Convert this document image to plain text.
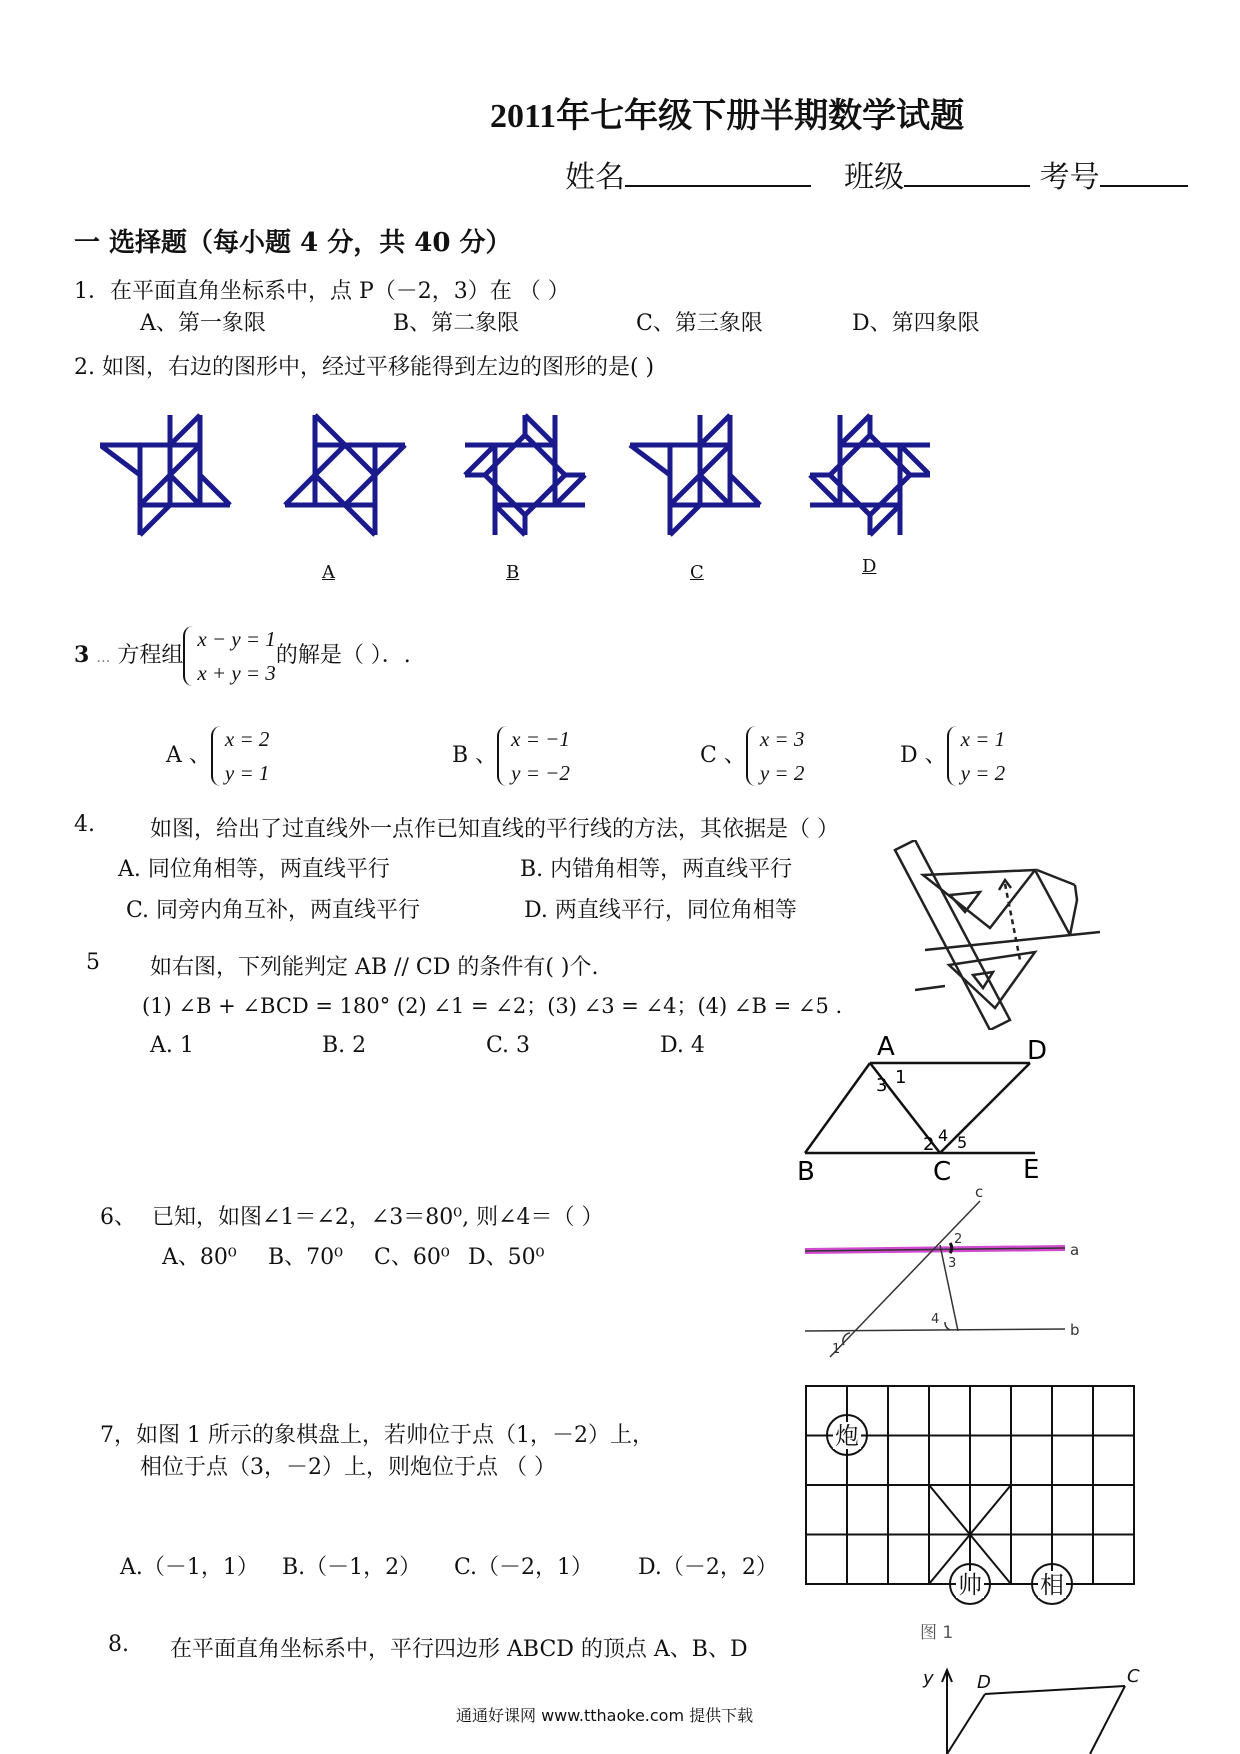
2011年七年级下册半期数学试题
姓名	班级	考号
一 选择题（每小题 4 分，共 40 分）
1．在平面直角坐标系中，点 P（－2，3）在 （ ）
A、第一象限	B、第二象限	C、第三象限	D、第四象限
2. 如图，右边的图形中，经过平移能得到左边的图形的是( )
A	B	C	D
3 … 方程组
x − y = 1
x + y = 3的解是（ ）．.
A 、
x = 2
y = 1
B 、
x = −1
y = −2
C 、
x = 3
y = 2
D 、
x = 1
y = 2
4.	如图，给出了过直线外一点作已知直线的平行线的方法，其依据是（ ）
A. 同位角相等，两直线平行	B. 内错角相等，两直线平行
C. 同旁内角互补，两直线平行	D. 两直线平行，同位角相等
5 如右图，下列能判定 AB // CD 的条件有( )个.
(1) ∠B + ∠BCD = 180° (2) ∠1 = ∠2；(3) ∠3 = ∠4；(4) ∠B = ∠5 .
A. 1	B. 2	C. 3	D. 4	A	D
B	C	E
1
3
2 4 5
6、 已知，如图∠1＝∠2，∠3＝80⁰, 则∠4＝（ ）
A、80⁰ B、70⁰ C、60⁰ D、50⁰
c
a
b
2
3
4
1
7，如图 1 所示的象棋盘上，若帅位于点（1，－2）上，
相位于点（3，－2）上，则炮位于点 （ ）
A.（－1，1） B.（－1，2） C.（－2，1） D.（－2，2）
炮
帅 相
图 1
8. 在平面直角坐标系中，平行四边形 ABCD 的顶点 A、B、D
y D	C
通通好课网 www.tthaoke.com 提供下载
